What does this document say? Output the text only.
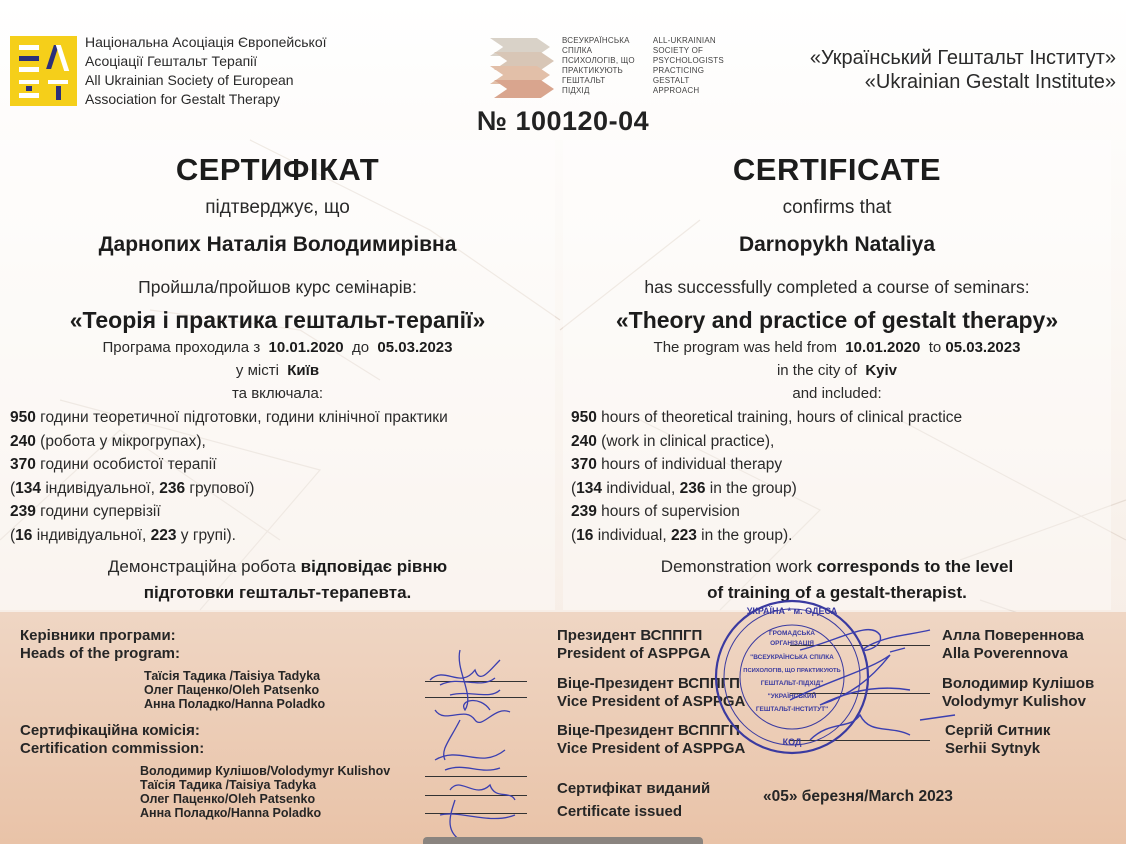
Національна Асоціація Європейської
Асоціації Гештальт Терапії
All Ukrainian Society of European
Association for Gestalt Therapy
ВСЕУКРАЇНСЬКА
СПІЛКА
ПСИХОЛОГІВ, ЩО
ПРАКТИКУЮТЬ
ГЕШТАЛЬТ
ПІДХІД
ALL-UKRAINIAN
SOCIETY OF
PSYCHOLOGISTS
PRACTICING
GESTALT
APPROACH
«Український Гештальт Інститут»
«Ukrainian Gestalt Institute»
№ 100120-04
СЕРТИФІКАТ
підтверджує, що
Дарнопих Наталія Володимирівна
Пройшла/пройшов курс семінарів:
«Теорія і практика гештальт-терапії»
Програма проходила з 10.01.2020 до 05.03.2023
у місті Київ
та включала:
950 години теоретичної підготовки, години клінічної практики
240 (робота у мікрогрупах),
370 години особистої терапії
(134 індивідуальної, 236 групової)
239 години супервізії
(16 індивідуальної, 223 у групі).
Демонстраційна робота відповідає рівню
підготовки гештальт-терапевта.
CERTIFICATE
confirms that
Darnopykh Nataliya
has successfully completed a course of seminars:
«Theory and practice of gestalt therapy»
The program was held from 10.01.2020 to 05.03.2023
in the city of Kyiv
and included:
950 hours of theoretical training, hours of clinical practice
240 (work in clinical practice),
370 hours of individual therapy
(134 individual, 236 in the group)
239 hours of supervision
(16 individual, 223 in the group).
Demonstration work corresponds to the level
of training of a gestalt-therapist.
Керівники програми:
Heads of the program:
Таїсія Тадика /Taisiya Tadyka
Олег Паценко/Oleh Patsenko
Анна Поладко/Hanna Poladko
Сертифікаційна комісія:
Certification commission:
Володимир Кулішов/Volodymyr Kulishov
Таїсія Тадика /Taisiya Tadyka
Олег Паценко/Oleh Patsenko
Анна Поладко/Hanna Poladko
Президент ВСППГП
President of ASPPGA
Віце-Президент ВСППГП
Vice President of ASPPGA
Віце-Президент ВСППГП
Vice President of ASPPGA
Алла Повереннова
Alla Poverennova
Володимир Кулішов
Volodymyr Kulishov
Сергій Ситник
Serhii Sytnyk
УКРАЇНА * м. ОДЕСА
ГРОМАДСЬКА
ОРГАНІЗАЦІЯ
"ВСЕУКРАЇНСЬКА СПІЛКА
ПСИХОЛОГІВ, ЩО ПРАКТИКУЮТЬ
ГЕШТАЛЬТ-ПІДХІД"
"УКРАЇНСЬКИЙ
ГЕШТАЛЬТ-ІНСТИТУТ"
КОД
Сертифікат виданий
Certificate issued
«05» березня/March 2023
